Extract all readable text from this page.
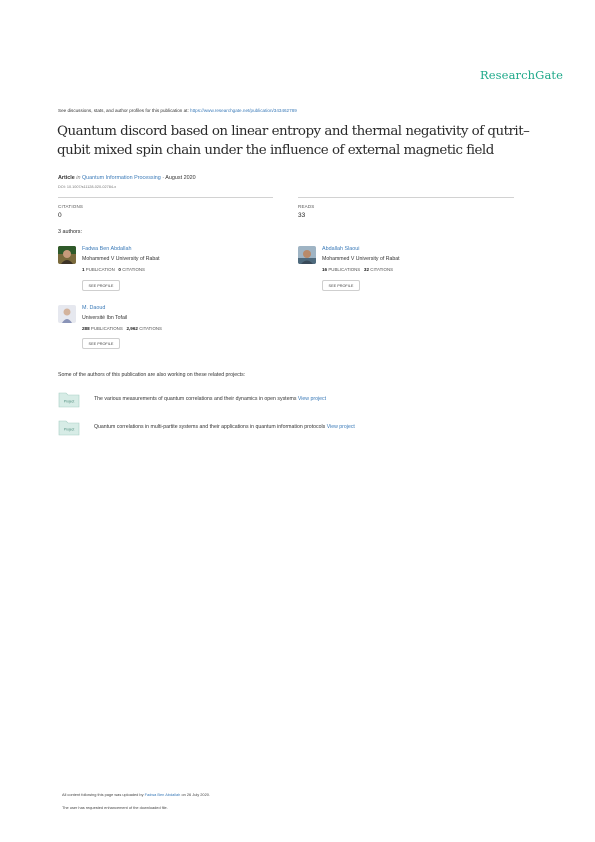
ResearchGate
See discussions, stats, and author profiles for this publication at: https://www.researchgate.net/publication/343462789
Quantum discord based on linear entropy and thermal negativity of qutrit–qubit mixed spin chain under the influence of external magnetic field
Article in Quantum Information Processing · August 2020
DOI: 10.1007/s11128-020-02784-x
CITATIONS
0
READS
33
3 authors:
Fadwa Ben Abdallah
Mohammed V University of Rabat
1 PUBLICATION 0 CITATIONS
SEE PROFILE
Abdallah Slaoui
Mohammed V University of Rabat
16 PUBLICATIONS 32 CITATIONS
SEE PROFILE
M. Daoud
Université Ibn Tofail
288 PUBLICATIONS 2,962 CITATIONS
SEE PROFILE
Some of the authors of this publication are also working on these related projects:
Project	The various measurements of quantum correlations and their dynamics in open systems View project
Project	Quantum correlations in multi-partite systems and their applications in quantum information protocols View project
All content following this page was uploaded by Fadwa Ben Abdallah on 26 July 2020.
The user has requested enhancement of the downloaded file.
